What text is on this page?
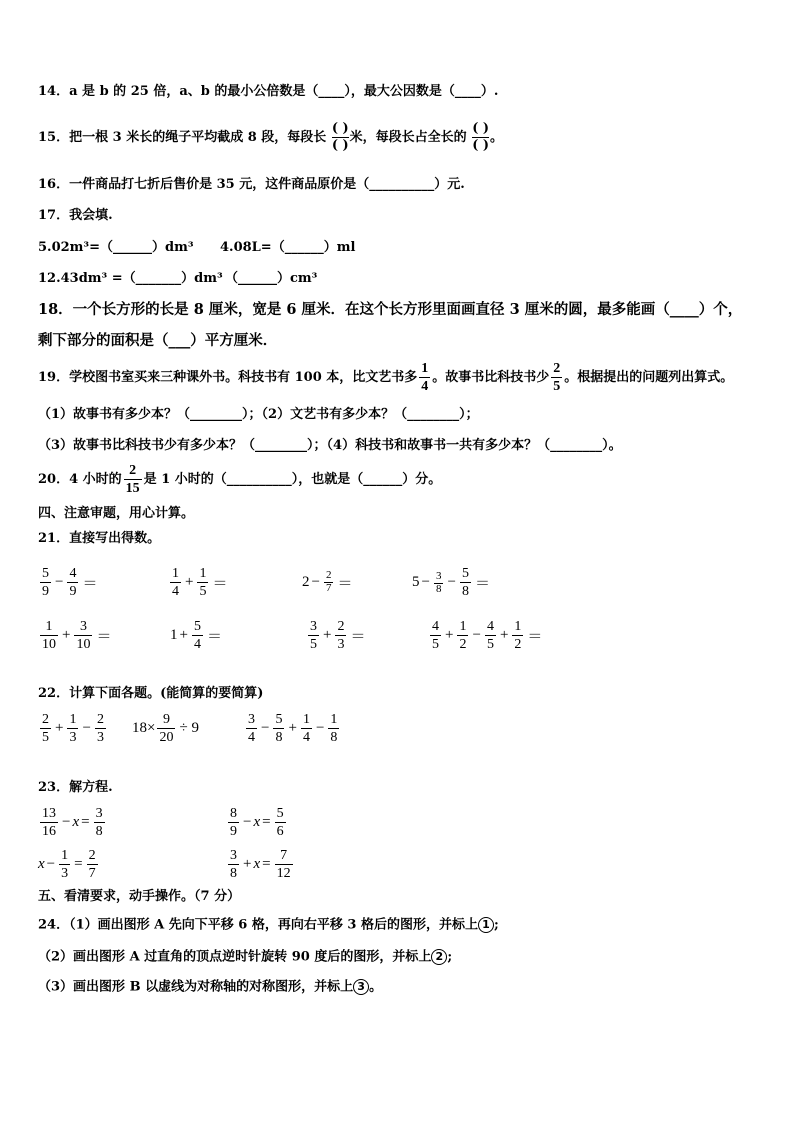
14．a 是 b 的 25 倍，a、b 的最小公倍数是（____），最大公因数是（____）.
15．把一根 3 米长的绳子平均截成 8 段，每段长
( )
( )
米，每段长占全长的
( )
( )
。
16．一件商品打七折后售价是 35 元，这件商品原价是（__________）元.
17．我会填.
5.02m³=（______）dm³ 4.08L=（______）ml
12.43dm³ =（_______）dm³ （______）cm³
18．一个长方形的长是 8 厘米，宽是 6 厘米．在这个长方形里面画直径 3 厘米的圆，最多能画（____）个，
剩下部分的面积是（___）平方厘米．
19．学校图书室买来三种课外书。科技书有 100 本，比文艺书多 $\frac{1}{4}$ 。故事书比科技书少 $\frac{2}{5}$ 。根据提出的问题列出算式。
（1）故事书有多少本？（________）；（2）文艺书有多少本？（________）；
（3）故事书比科技书少有多少本？（________）；（4）科技书和故事书一共有多少本？（________）。
20．4 小时的 $\frac{2}{15}$ 是 1 小时的（__________），也就是（______）分。
四、注意审题，用心计算。
21．直接写出得数。
$\frac{5}{9} - \frac{4}{9}$ ＝	$\frac{1}{4} + \frac{1}{5}$ ＝	$2 - \frac{2}{7}$ ＝	$5 - \frac{3}{8} - \frac{5}{8}$ ＝
$\frac{1}{10} + \frac{3}{10}$ ＝	$1 + \frac{5}{4}$ ＝	$\frac{3}{5} + \frac{2}{3}$ ＝	$\frac{4}{5} + \frac{1}{2} - \frac{4}{5} + \frac{1}{2}$ ＝
22．计算下面各题。(能简算的要简算)
$\frac{2}{5} + \frac{1}{3} - \frac{2}{3} 18\times \frac{9}{20} \div 9$	$\frac{3}{4} - \frac{5}{8} + \frac{1}{4} - \frac{1}{8}$
23．解方程.
$\frac{13}{16} - x = \frac{3}{8}$	$\frac{8}{9} - x = \frac{5}{6}$
$x - \frac{1}{3} = \frac{2}{7}$	$\frac{3}{8} + x = \frac{7}{12}$
五、看清要求，动手操作。（7 分）
24．（1）画出图形 A 先向下平移 6 格，再向右平移 3 格后的图形，并标上 1 ;
（2）画出图形 A 过直角的顶点逆时针旋转 90 度后的图形，并标上 2 ;
（3）画出图形 B 以虚线为对称轴的对称图形，并标上 3 。
